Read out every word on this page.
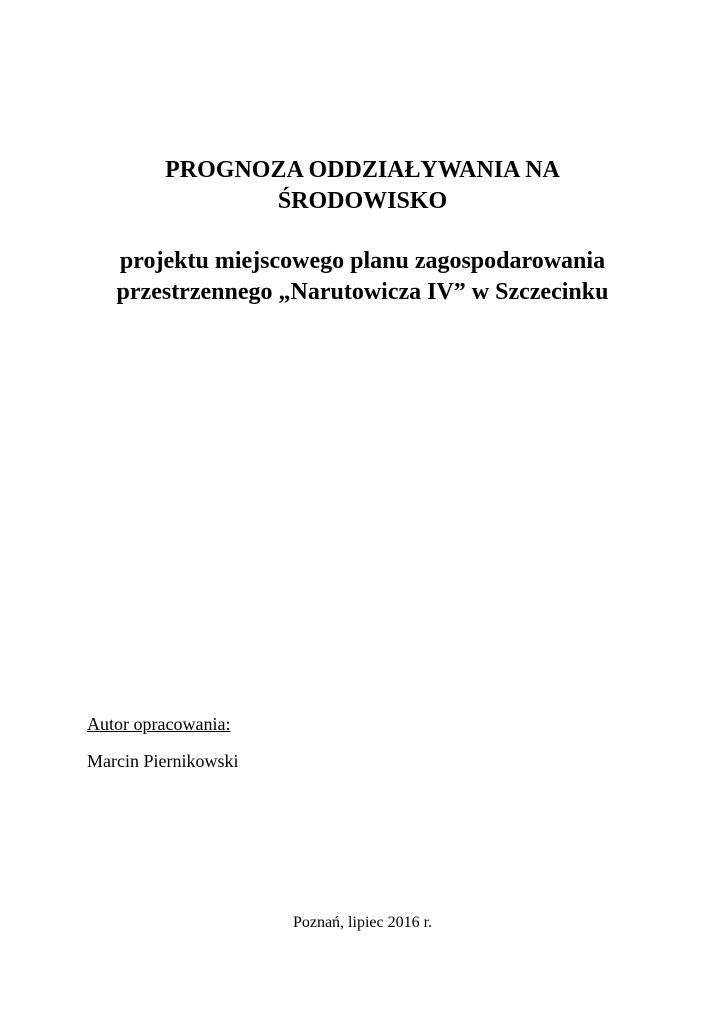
PROGNOZA ODDZIAŁYWANIA NA
ŚRODOWISKO
projektu miejscowego planu zagospodarowania
przestrzennego „Narutowicza IV” w Szczecinku
Autor opracowania:
Marcin Piernikowski
Poznań, lipiec 2016 r.
